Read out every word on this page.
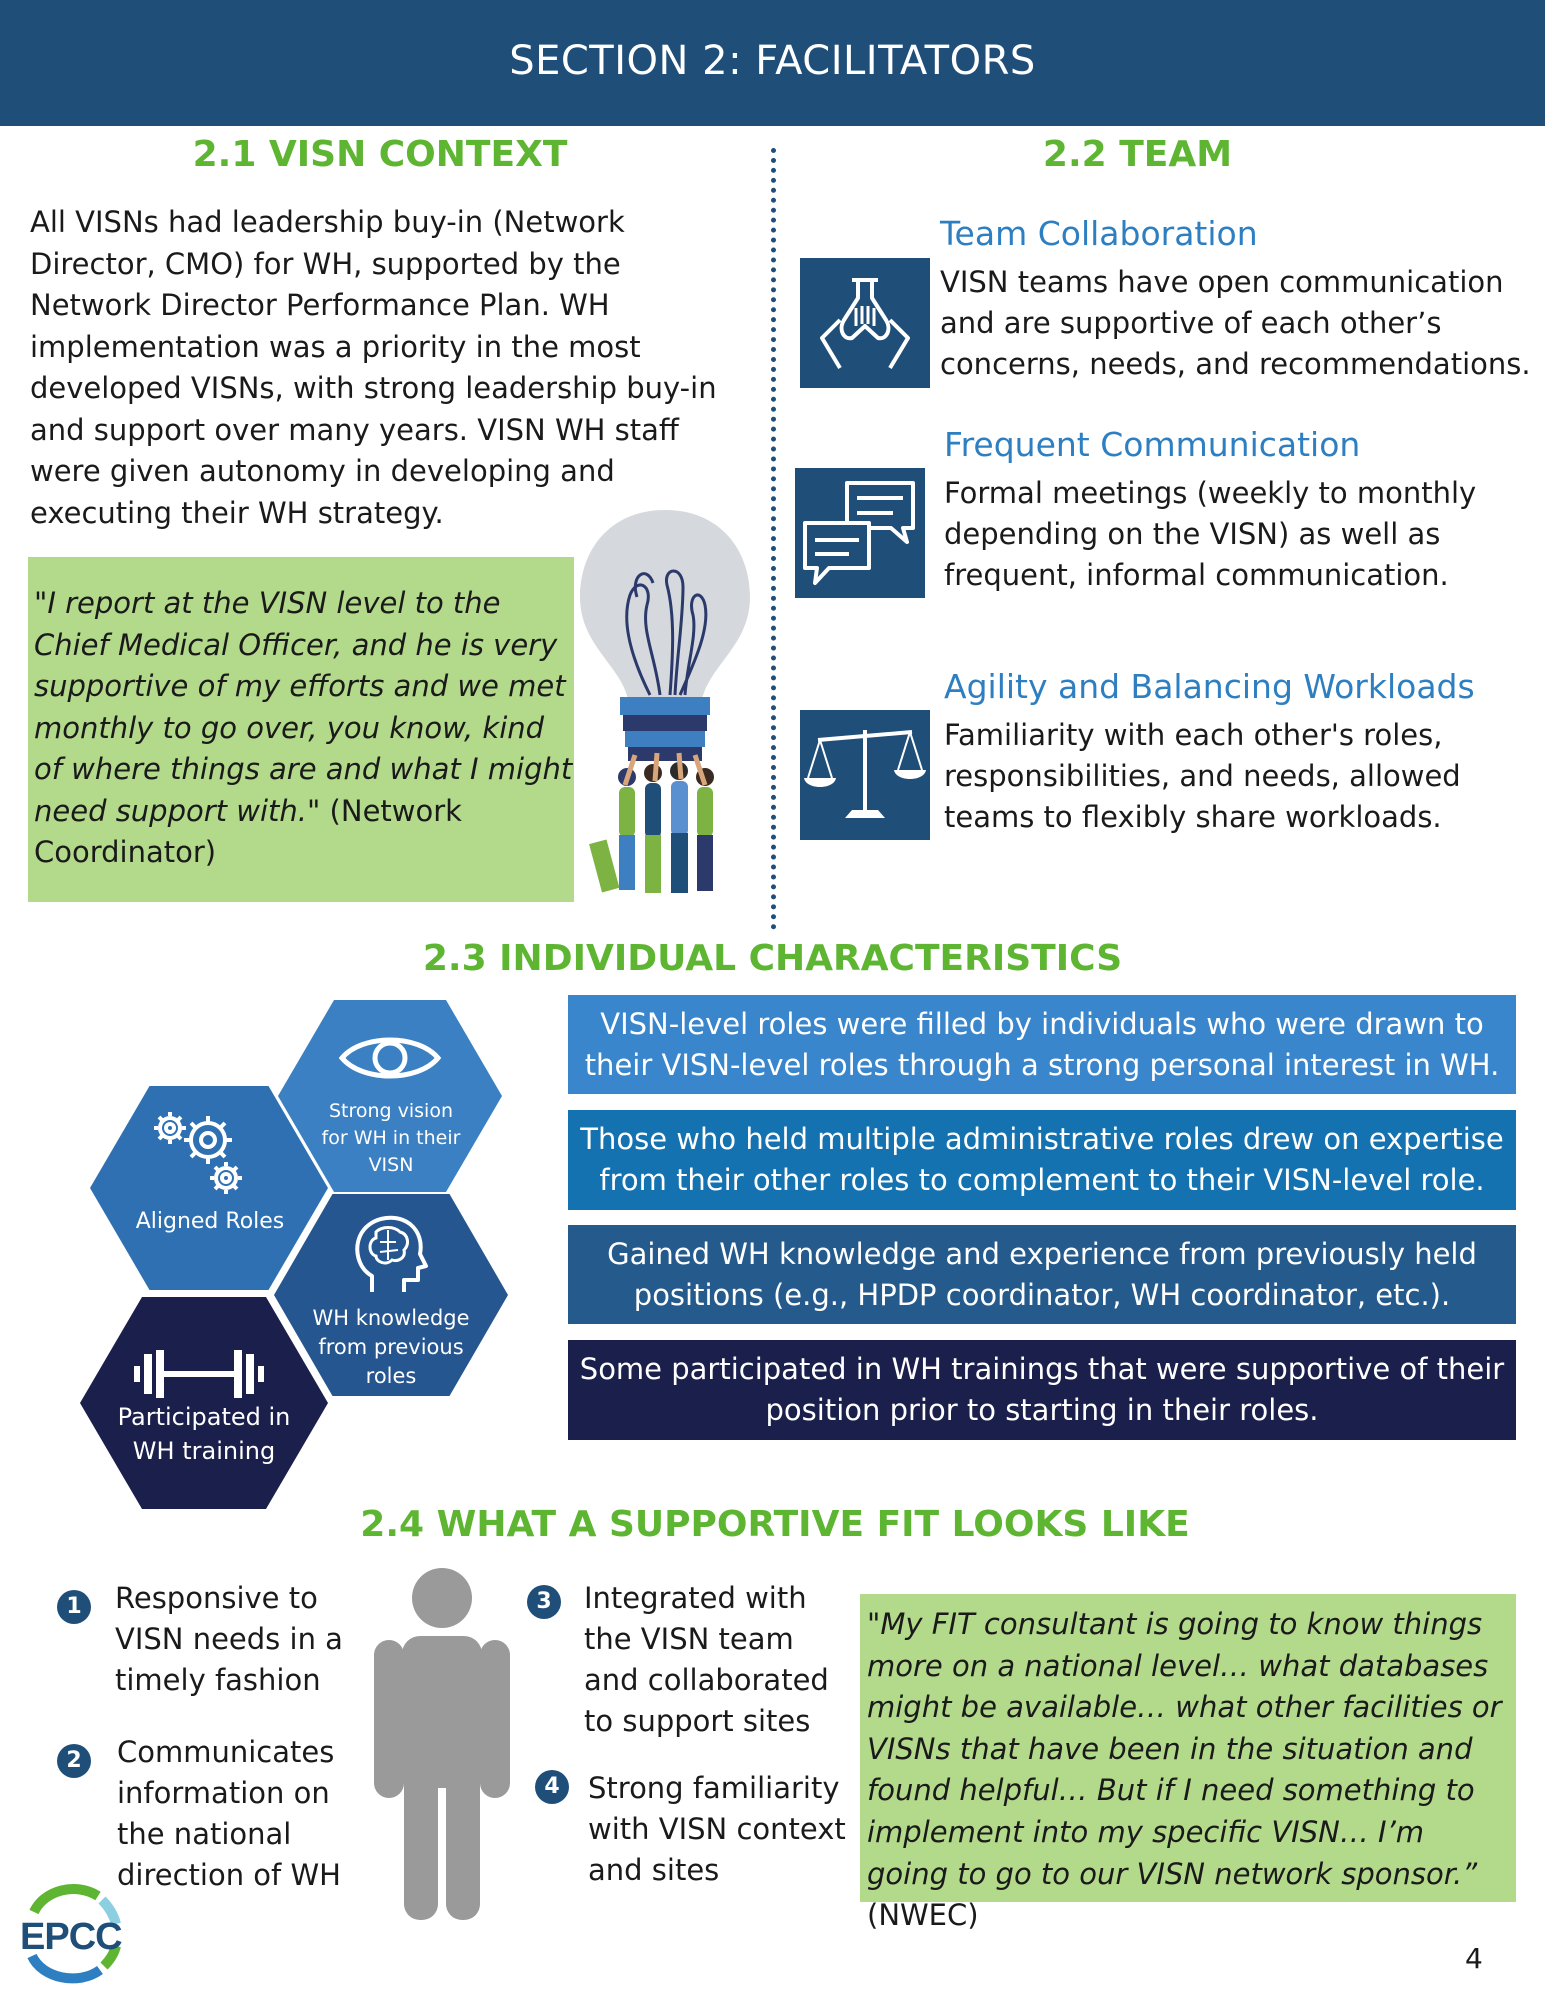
SECTION 2: FACILITATORS
2.1 VISN CONTEXT
All VISNs had leadership buy-in (Network Director, CMO) for WH, supported by the Network Director Performance Plan. WH implementation was a priority in the most developed VISNs, with strong leadership buy-in and support over many years. VISN WH staff were given autonomy in developing and executing their WH strategy.
"I report at the VISN level to the Chief Medical Officer, and he is very supportive of my efforts and we met monthly to go over, you know, kind of where things are and what I might need support with." (Network Coordinator)
2.2 TEAM
Team Collaboration
VISN teams have open communication and are supportive of each other’s concerns, needs, and recommendations.
Frequent Communication
Formal meetings (weekly to monthly depending on the VISN) as well as frequent, informal communication.
Agility and Balancing Workloads
Familiarity with each other's roles, responsibilities, and needs, allowed teams to flexibly share workloads.
2.3 INDIVIDUAL CHARACTERISTICS
Strong vision for WH in their VISN
Aligned Roles
WH knowledge from previous roles
Participated in WH training
VISN-level roles were filled by individuals who were drawn to their VISN-level roles through a strong personal interest in WH.
Those who held multiple administrative roles drew on expertise from their other roles to complement to their VISN-level role.
Gained WH knowledge and experience from previously held positions (e.g., HPDP coordinator, WH coordinator, etc.).
Some participated in WH trainings that were supportive of their position prior to starting in their roles.
2.4 WHAT A SUPPORTIVE FIT LOOKS LIKE
1	Responsive to VISN needs in a timely fashion
2	Communicates information on the national direction of WH
3	Integrated with the VISN team and collaborated to support sites
4 Strong familiarity with VISN context and sites
"My FIT consultant is going to know things more on a national level… what databases might be available… what other facilities or VISNs that have been in the situation and found helpful… But if I need something to implement into my specific VISN… I’m going to go to our VISN network sponsor.” (NWEC)
EPCC
4
